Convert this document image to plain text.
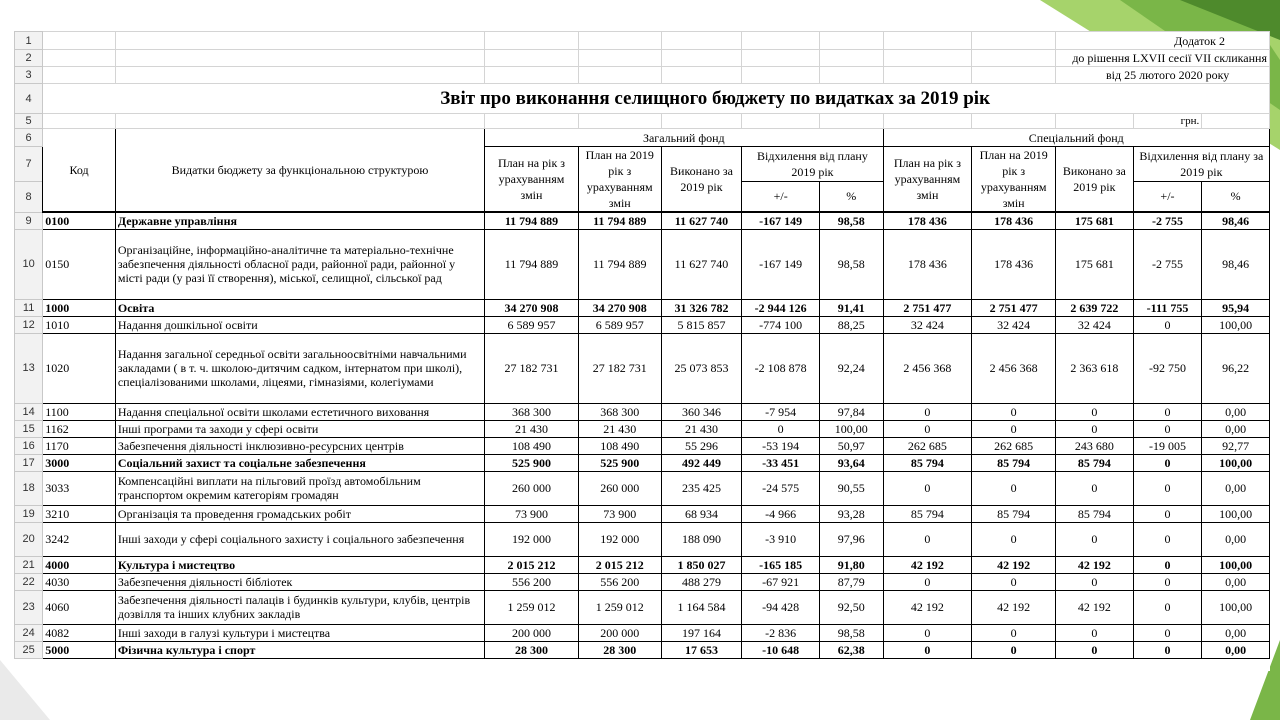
1										Додаток 2		
2										до рішення LXVII сесії VII скликання		
3										від 25 лютого 2020 року		
4	Звіт про виконання селищного бюджету по видатках за 2019 рік											
5											грн.	
6	Код	Видатки бюджету за функціональною структурою	Загальний фонд					Спеціальний фонд				
7			План на рік з урахуванням змін	План на 2019 рік з урахуванням змін	Виконано за 2019 рік	Відхилення від плану 2019 рік		План на рік з урахуванням змін	План на 2019 рік з урахуванням змін	Виконано за 2019 рік	Відхилення від плану за 2019 рік	
8						+/-	%				+/-	%
9	0100	Державне управління	11 794 889	11 794 889	11 627 740	-167 149	98,58	178 436	178 436	175 681	-2 755	98,46
10	0150	Організаційне, інформаційно-аналітичне та матеріально-технічне забезпечення діяльності обласної ради, районної ради, районної у місті ради (у разі її створення), міської, селищної, сільської рад	11 794 889	11 794 889	11 627 740	-167 149	98,58	178 436	178 436	175 681	-2 755	98,46
11	1000	Освіта	34 270 908	34 270 908	31 326 782	-2 944 126	91,41	2 751 477	2 751 477	2 639 722	-111 755	95,94
12	1010	Надання дошкільної освіти	6 589 957	6 589 957	5 815 857	-774 100	88,25	32 424	32 424	32 424	0	100,00
13	1020	Надання загальної середньої освіти загальноосвітніми навчальними закладами ( в т. ч. школою-дитячим садком, інтернатом при школі), спеціалізованими школами, ліцеями, гімназіями, колегіумами	27 182 731	27 182 731	25 073 853	-2 108 878	92,24	2 456 368	2 456 368	2 363 618	-92 750	96,22
14	1100	Надання спеціальної освіти школами естетичного виховання	368 300	368 300	360 346	-7 954	97,84	0	0	0	0	0,00
15	1162	Інші програми та заходи у сфері освіти	21 430	21 430	21 430	0	100,00	0	0	0	0	0,00
16	1170	Забезпечення діяльності інклюзивно-ресурсних центрів	108 490	108 490	55 296	-53 194	50,97	262 685	262 685	243 680	-19 005	92,77
17	3000	Соціальний захист та соціальне забезпечення	525 900	525 900	492 449	-33 451	93,64	85 794	85 794	85 794	0	100,00
18	3033	Компенсаційні виплати на пільговий проїзд автомобільним транспортом окремим категоріям громадян	260 000	260 000	235 425	-24 575	90,55	0	0	0	0	0,00
19	3210	Організація та проведення громадських робіт	73 900	73 900	68 934	-4 966	93,28	85 794	85 794	85 794	0	100,00
20	3242	Інші заходи у сфері соціального захисту і соціального забезпечення	192 000	192 000	188 090	-3 910	97,96	0	0	0	0	0,00
21	4000	Культура і мистецтво	2 015 212	2 015 212	1 850 027	-165 185	91,80	42 192	42 192	42 192	0	100,00
22	4030	Забезпечення діяльності бібліотек	556 200	556 200	488 279	-67 921	87,79	0	0	0	0	0,00
23	4060	Забезпечення діяльності палаців і будинків культури, клубів, центрів дозвілля та інших клубних закладів	1 259 012	1 259 012	1 164 584	-94 428	92,50	42 192	42 192	42 192	0	100,00
24	4082	Інші заходи в галузі культури і мистецтва	200 000	200 000	197 164	-2 836	98,58	0	0	0	0	0,00
25	5000	Фізична культура і спорт	28 300	28 300	17 653	-10 648	62,38	0	0	0	0	0,00
